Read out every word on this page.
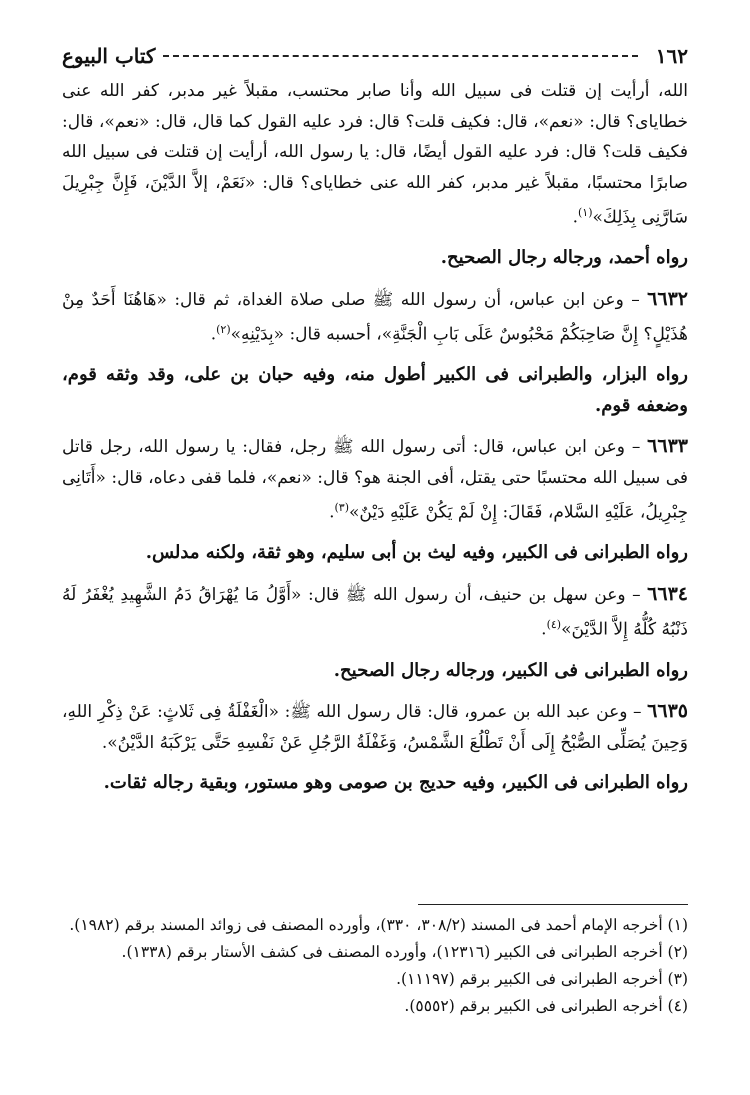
١٦٢
كتاب البيوع

الله، أرأيت إن قتلت فى سبيل الله وأنا صابر محتسب، مقبلاً غير مدبر، كفر الله عنى خطاياى؟ قال: «نعم»، قال: فكيف قلت؟ قال: فرد عليه القول كما قال، قال: «نعم»، قال: فكيف قلت؟ قال: فرد عليه القول أيضًا، قال: يا رسول الله، أرأيت إن قتلت فى سبيل الله صابرًا محتسبًا، مقبلاً غير مدبر، كفر الله عنى خطاياى؟ قال: «نَعَمْ، إلاَّ الدَّيْنَ، فَإِنَّ جِبْرِيلَ سَارَّنِى بِذَلِكَ»$^{(١)}$.

رواه أحمد، ورجاله رجال الصحيح.

٦٦٣٢ – وعن ابن عباس، أن رسول الله ﷺ صلى صلاة الغداة، ثم قال: «هَاهُنَا أَحَدٌ مِنْ هُذَيْلٍ؟ إِنَّ صَاحِبَكُمْ مَحْبُوسٌ عَلَى بَابِ الْجَنَّةِ»، أحسبه قال: «بِدَيْنِهِ»$^{(٢)}$.

رواه البزار، والطبرانى فى الكبير أطول منه، وفيه حبان بن على، وقد وثقه قوم، وضعفه قوم.

٦٦٣٣ – وعن ابن عباس، قال: أتى رسول الله ﷺ رجل، فقال: يا رسول الله، رجل قاتل فى سبيل الله محتسبًا حتى يقتل، أفى الجنة هو؟ قال: «نعم»، فلما قفى دعاه، قال: «أَتَانِى جِبْرِيلُ، عَلَيْهِ السَّلام، فَقَالَ: إِنْ لَمْ يَكُنْ عَلَيْهِ دَيْنٌ»$^{(٣)}$.

رواه الطبرانى فى الكبير، وفيه ليث بن أبى سليم، وهو ثقة، ولكنه مدلس.

٦٦٣٤ – وعن سهل بن حنيف، أن رسول الله ﷺ قال: «أَوَّلُ مَا يُهْرَاقُ دَمُ الشَّهِيدِ يُغْفَرُ لَهُ ذَنْبُهُ كُلُّهُ إِلاَّ الدَّيْنَ»$^{(٤)}$.

رواه الطبرانى فى الكبير، ورجاله رجال الصحيح.

٦٦٣٥ – وعن عبد الله بن عمرو، قال: قال رسول الله ﷺ: «الْغَفْلَةُ فِى ثَلاثٍ: عَنْ ذِكْرِ اللهِ، وَحِينَ يُصَلِّى الصُّبْحُ إِلَى أَنْ تَطْلُعَ الشَّمْسُ، وَغَفْلَةُ الرَّجُلِ عَنْ نَفْسِهِ حَتَّى يَرْكَبَهُ الدَّيْنُ».

رواه الطبرانى فى الكبير، وفيه حديج بن صومى وهو مستور، وبقية رجاله ثقات.

(١) أخرجه الإمام أحمد فى المسند (٣٠٨/٢، ٣٣٠)، وأورده المصنف فى زوائد المسند برقم (١٩٨٢).

(٢) أخرجه الطبرانى فى الكبير (١٢٣١٦)، وأورده المصنف فى كشف الأستار برقم (١٣٣٨).

(٣) أخرجه الطبرانى فى الكبير برقم (١١١٩٧).

(٤) أخرجه الطبرانى فى الكبير برقم (٥٥٥٢).
